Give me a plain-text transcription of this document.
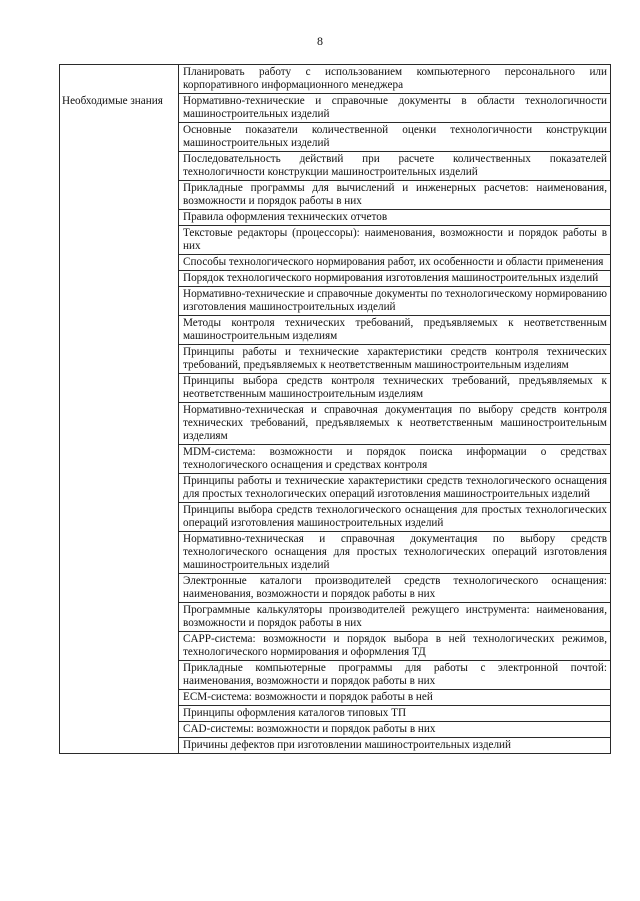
8

	Планировать работу с использованием компьютерного персонального или корпоративного информационного менеджера

Необходимые знания	Нормативно-технические и справочные документы в области технологичности машиностроительных изделий

	Основные показатели количественной оценки технологичности конструкции машиностроительных изделий

	Последовательность действий при расчете количественных показателей технологичности конструкции машиностроительных изделий

	Прикладные программы для вычислений и инженерных расчетов: наименования, возможности и порядок работы в них

	Правила оформления технических отчетов

	Текстовые редакторы (процессоры): наименования, возможности и порядок работы в них

	Способы технологического нормирования работ, их особенности и области применения

	Порядок технологического нормирования изготовления машиностроительных изделий

	Нормативно-технические и справочные документы по технологическому нормированию изготовления машиностроительных изделий

	Методы контроля технических требований, предъявляемых к неответственным машиностроительным изделиям

	Принципы работы и технические характеристики средств контроля технических требований, предъявляемых к неответственным машиностроительным изделиям

	Принципы выбора средств контроля технических требований, предъявляемых к неответственным машиностроительным изделиям

	Нормативно-техническая и справочная документация по выбору средств контроля технических требований, предъявляемых к неответственным машиностроительным изделиям

	MDM-система: возможности и порядок поиска информации о средствах технологического оснащения и средствах контроля

	Принципы работы и технические характеристики средств технологического оснащения для простых технологических операций изготовления машиностроительных изделий

	Принципы выбора средств технологического оснащения для простых технологических операций изготовления машиностроительных изделий

	Нормативно-техническая и справочная документация по выбору средств технологического оснащения для простых технологических операций изготовления машиностроительных изделий

	Электронные каталоги производителей средств технологического оснащения: наименования, возможности и порядок работы в них

	Программные калькуляторы производителей режущего инструмента: наименования, возможности и порядок работы в них

	CAPP-система: возможности и порядок выбора в ней технологических режимов, технологического нормирования и оформления ТД

	Прикладные компьютерные программы для работы с электронной почтой: наименования, возможности и порядок работы в них

	ECM-система: возможности и порядок работы в ней

	Принципы оформления каталогов типовых ТП

	CAD-системы: возможности и порядок работы в них

	Причины дефектов при изготовлении машиностроительных изделий
